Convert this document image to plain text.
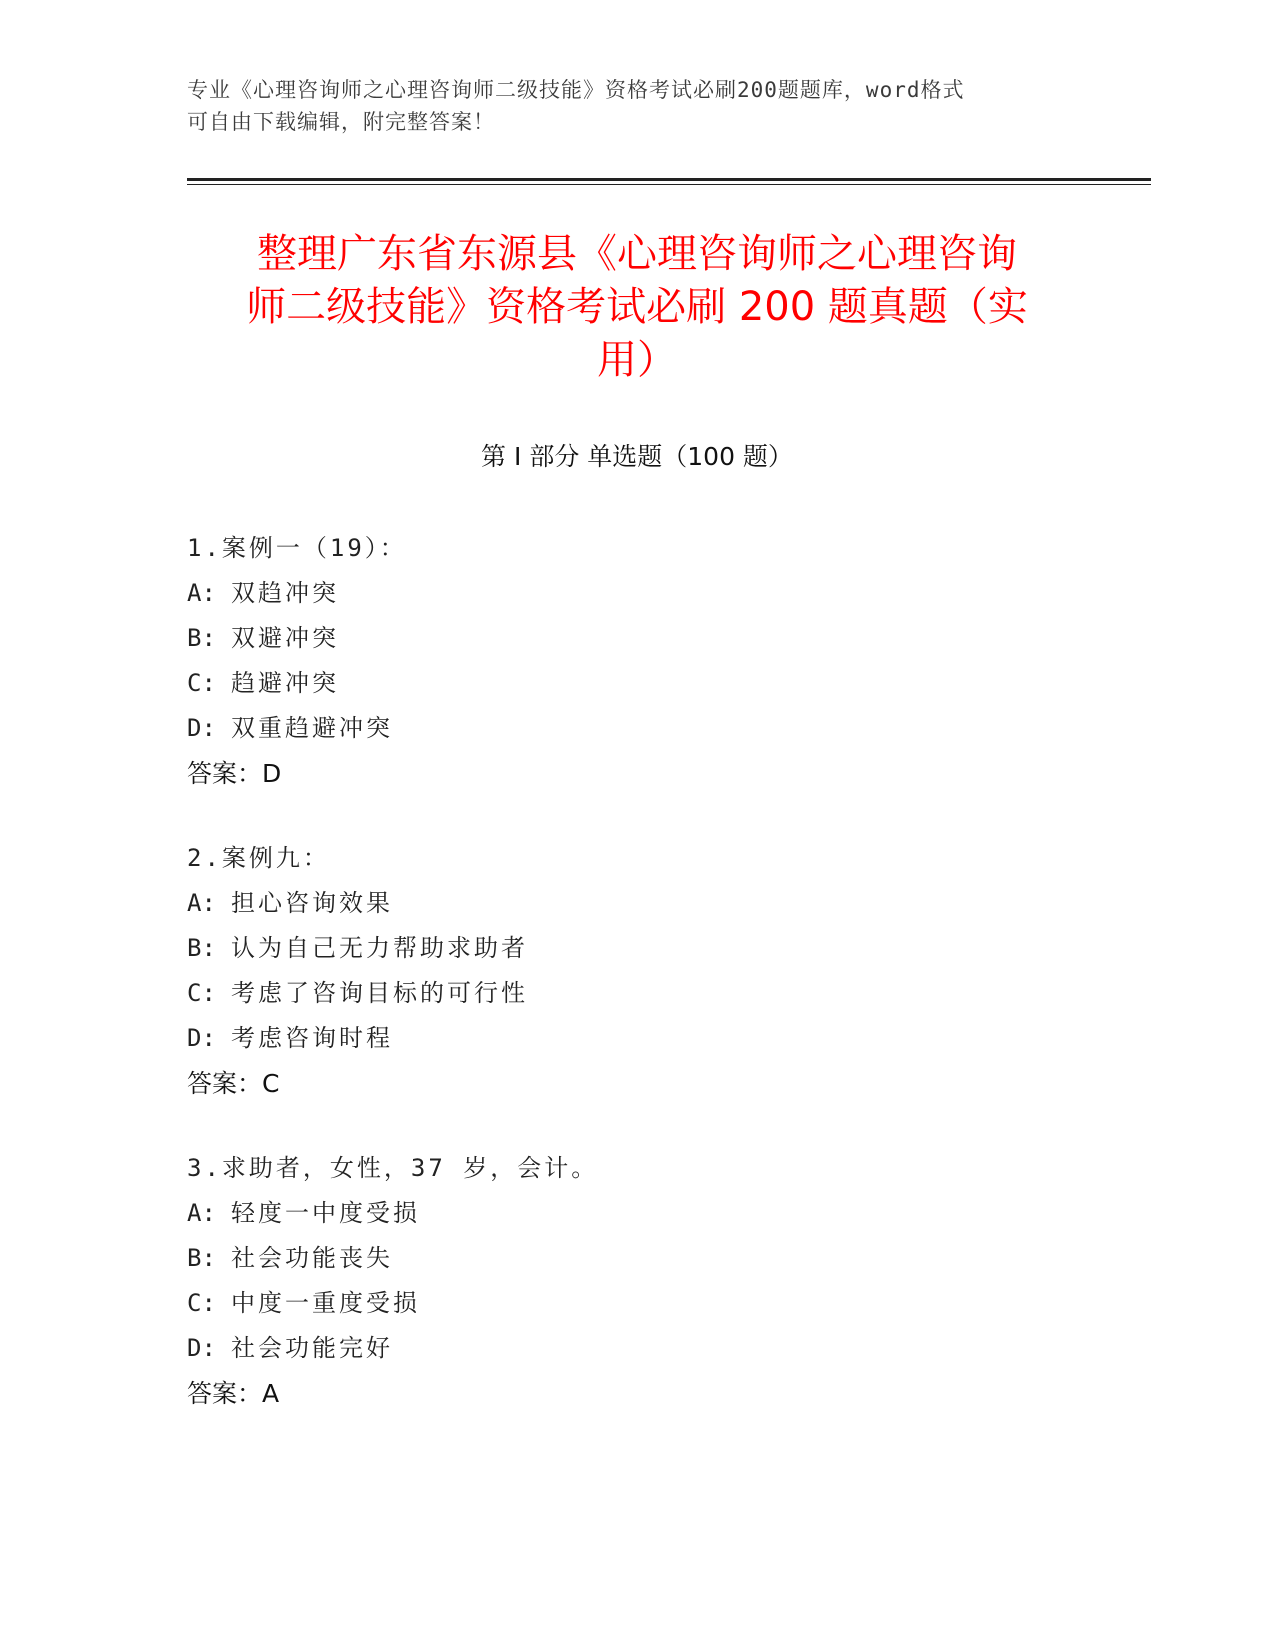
专业《心理咨询师之心理咨询师二级技能》资格考试必刷200题题库，word格式
可自由下载编辑，附完整答案！
整理广东省东源县《心理咨询师之心理咨询
师二级技能》资格考试必刷 200 题真题（实
用）
第 I 部分 单选题（100 题）
1.案例一（19）：
A: 双趋冲突
B: 双避冲突
C: 趋避冲突
D: 双重趋避冲突
答案：D
2.案例九：
A: 担心咨询效果
B: 认为自己无力帮助求助者
C: 考虑了咨询目标的可行性
D: 考虑咨询时程
答案：C
3.求助者，女性，37 岁，会计。
A: 轻度一中度受损
B: 社会功能丧失
C: 中度一重度受损
D: 社会功能完好
答案：A
